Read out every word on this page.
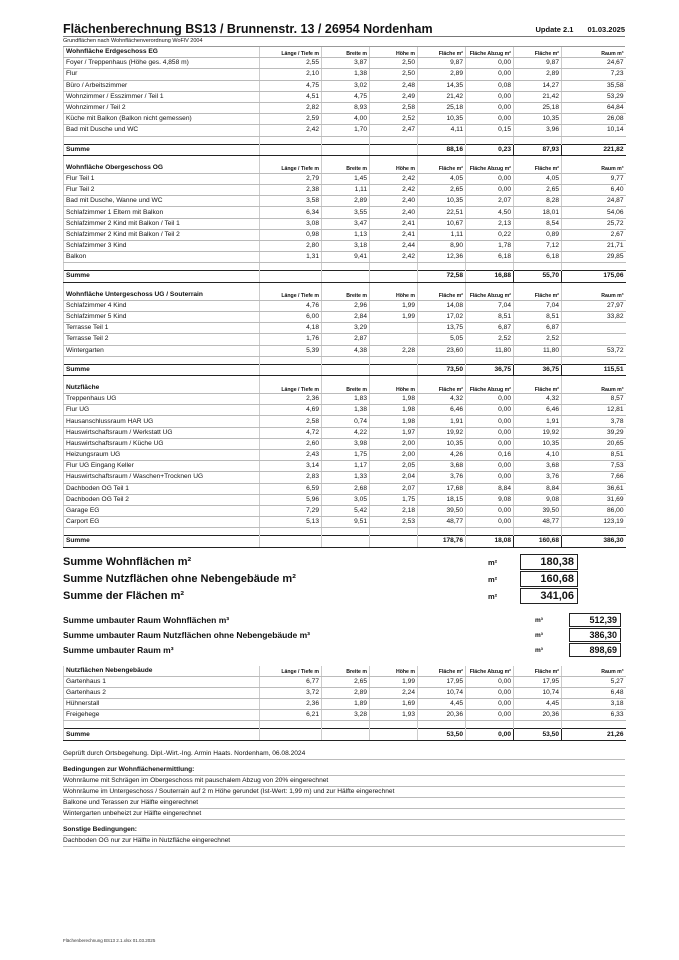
Flächenberechnung BS13 / Brunnenstr. 13 / 26954 Nordenham	Update 2.1 01.03.2025
Grundflächen nach Wohnflächenverordnung WoFlV 2004
Wohnfläche Erdgeschoss EG	Länge / Tiefe m	Breite m	Höhe m	Fläche m²	Fläche Abzug m²	Fläche m²	Raum m³
Foyer / Treppenhaus (Höhe ges. 4,858 m)	2,55	3,87	2,50	9,87	0,00	9,87	24,67
Flur	2,10	1,38	2,50	2,89	0,00	2,89	7,23
Büro / Arbeitszimmer	4,75	3,02	2,48	14,35	0,08	14,27	35,58
Wohnzimmer / Esszimmer / Teil 1	4,51	4,75	2,49	21,42	0,00	21,42	53,29
Wohnzimmer / Teil 2	2,82	8,93	2,58	25,18	0,00	25,18	64,84
Küche mit Balkon (Balkon nicht gemessen)	2,59	4,00	2,52	10,35	0,00	10,35	26,08
Bad mit Dusche und WC	2,42	1,70	2,47	4,11	0,15	3,96	10,14

Summe				88,16	0,23	87,93	221,82

Wohnfläche Obergeschoss OG	Länge / Tiefe m	Breite m	Höhe m	Fläche m²	Fläche Abzug m²	Fläche m²	Raum m³
Flur Teil 1	2,79	1,45	2,42	4,05	0,00	4,05	9,77
Flur Teil 2	2,38	1,11	2,42	2,65	0,00	2,65	6,40
Bad mit Dusche, Wanne und WC	3,58	2,89	2,40	10,35	2,07	8,28	24,87
Schlafzimmer 1 Eltern mit Balkon	6,34	3,55	2,40	22,51	4,50	18,01	54,06
Schlafzimmer 2 Kind mit Balkon / Teil 1	3,08	3,47	2,41	10,67	2,13	8,54	25,72
Schlafzimmer 2 Kind mit Balkon / Teil 2	0,98	1,13	2,41	1,11	0,22	0,89	2,67
Schlafzimmer 3 Kind	2,80	3,18	2,44	8,90	1,78	7,12	21,71
Balkon	1,31	9,41	2,42	12,36	6,18	6,18	29,85

Summe				72,58	16,88	55,70	175,06

Wohnfläche Untergeschoss UG / Souterrain	Länge / Tiefe m	Breite m	Höhe m	Fläche m²	Fläche Abzug m²	Fläche m²	Raum m³
Schlafzimmer 4 Kind	4,76	2,96	1,99	14,08	7,04	7,04	27,97
Schlafzimmer 5 Kind	6,00	2,84	1,99	17,02	8,51	8,51	33,82
Terrasse Teil 1	4,18	3,29		13,75	6,87	6,87	
Terrasse Teil 2	1,76	2,87		5,05	2,52	2,52	
Wintergarten	5,39	4,38	2,28	23,60	11,80	11,80	53,72

Summe				73,50	36,75	36,75	115,51

Nutzfläche	Länge / Tiefe m	Breite m	Höhe m	Fläche m²	Fläche Abzug m²	Fläche m²	Raum m³
Treppenhaus UG	2,36	1,83	1,98	4,32	0,00	4,32	8,57
Flur UG	4,69	1,38	1,98	6,46	0,00	6,46	12,81
Hausanschlussraum HAR UG	2,58	0,74	1,98	1,91	0,00	1,91	3,78
Hauswirtschaftsraum / Werkstatt UG	4,72	4,22	1,97	19,92	0,00	19,92	39,29
Hauswirtschaftsraum / Küche UG	2,60	3,98	2,00	10,35	0,00	10,35	20,65
Heizungsraum UG	2,43	1,75	2,00	4,26	0,16	4,10	8,51
Flur UG Eingang Keller	3,14	1,17	2,05	3,68	0,00	3,68	7,53
Hauswirtschaftsraum / Waschen+Trocknen UG	2,83	1,33	2,04	3,76	0,00	3,76	7,66
Dachboden OG Teil 1	6,59	2,68	2,07	17,68	8,84	8,84	36,61
Dachboden OG Teil 2	5,96	3,05	1,75	18,15	9,08	9,08	31,69
Garage EG	7,29	5,42	2,18	39,50	0,00	39,50	86,00
Carport EG	5,13	9,51	2,53	48,77	0,00	48,77	123,19

Summe				178,76	18,08	160,68	386,30
Summe Wohnflächen m²	m²	180,38
Summe Nutzflächen ohne Nebengebäude m²	m²	160,68
Summe der Flächen m²	m²	341,06
Summe umbauter Raum Wohnflächen m³	m³	512,39
Summe umbauter Raum Nutzflächen ohne Nebengebäude m³	m³	386,30
Summe umbauter Raum m³	m³	898,69
Nutzflächen Nebengebäude	Länge / Tiefe m	Breite m	Höhe m	Fläche m²	Fläche Abzug m²	Fläche m²	Raum m³
Gartenhaus 1	6,77	2,65	1,99	17,95	0,00	17,95	5,27
Gartenhaus 2	3,72	2,89	2,24	10,74	0,00	10,74	6,48
Hühnerstall	2,36	1,89	1,69	4,45	0,00	4,45	3,18
Freigehege	6,21	3,28	1,93	20,36	0,00	20,36	6,33

Summe				53,50	0,00	53,50	21,26
Geprüft durch Ortsbegehung. Dipl.-Wirt.-Ing. Armin Haats. Nordenham, 06.08.2024
Bedingungen zur Wohnflächenermittlung:
Wohnräume mit Schrägen im Obergeschoss mit pauschalem Abzug von 20% eingerechnet
Wohnräume im Untergeschoss / Souterrain auf 2 m Höhe gerundet (Ist-Wert: 1,99 m) und zur Hälfte eingerechnet
Balkone und Terassen zur Hälfte eingerechnet
Wintergarten unbeheizt zur Hälfte eingerechnet
Sonstige Bedingungen:
Dachboden OG nur zur Hälfte in Nutzfläche eingerechnet
Flächenberechnung BS13 2.1.xlsx 01.03.2025
